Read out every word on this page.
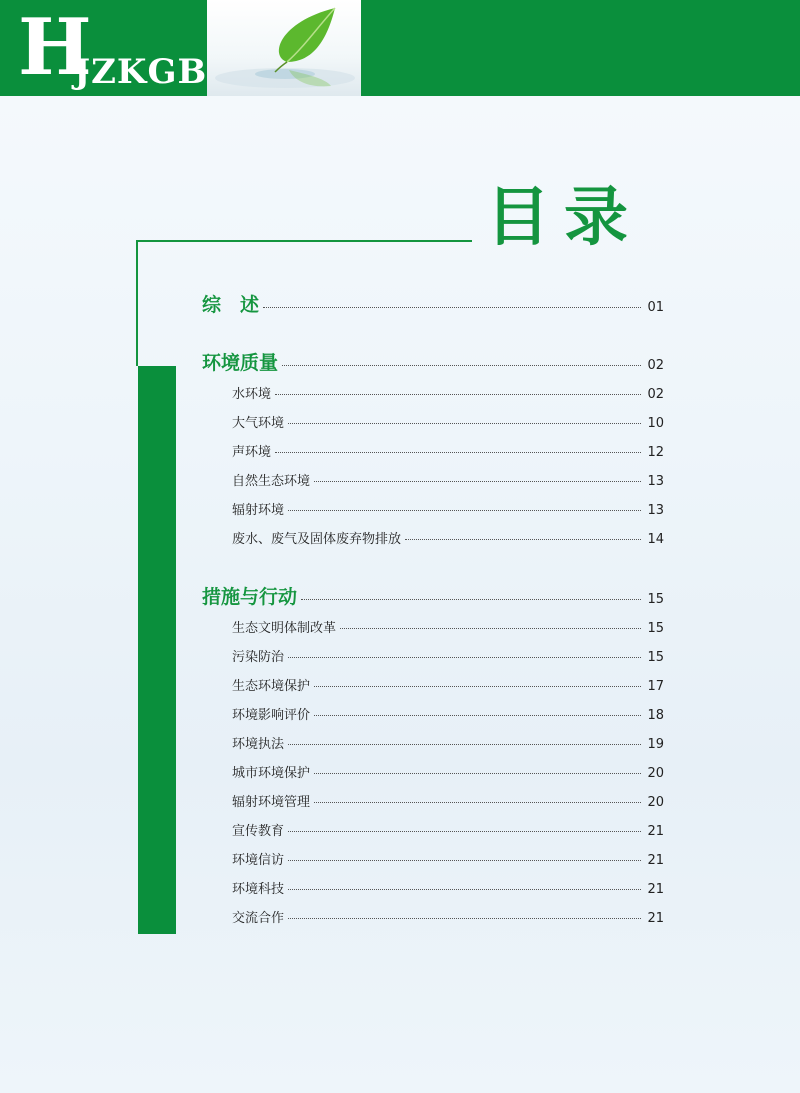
H
JZKGB
目录
综　述	01
环境质量	02
水环境	02
大气环境	10
声环境	12
自然生态环境	13
辐射环境	13
废水、废气及固体废弃物排放	14
措施与行动	15
生态文明体制改革	15
污染防治	15
生态环境保护	17
环境影响评价	18
环境执法	19
城市环境保护	20
辐射环境管理	20
宣传教育	21
环境信访	21
环境科技	21
交流合作	21
